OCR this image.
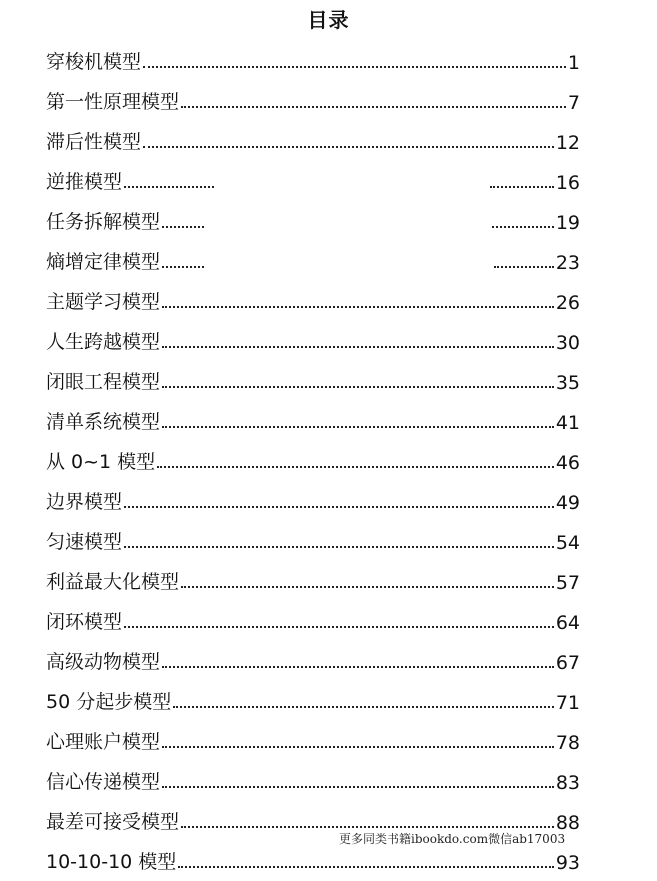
目录
穿梭机模型	1
第一性原理模型	7
滞后性模型	12
逆推模型	16
任务拆解模型	19
熵增定律模型	23
主题学习模型	26
人生跨越模型	30
闭眼工程模型	35
清单系统模型	41
从 0~1 模型	46
边界模型	49
匀速模型	54
利益最大化模型	57
闭环模型	64
高级动物模型	67
50 分起步模型	71
心理账户模型	78
信心传递模型	83
最差可接受模型	88
10-10-10 模型	93
更多同类书籍ibookdo.com微信ab17003
